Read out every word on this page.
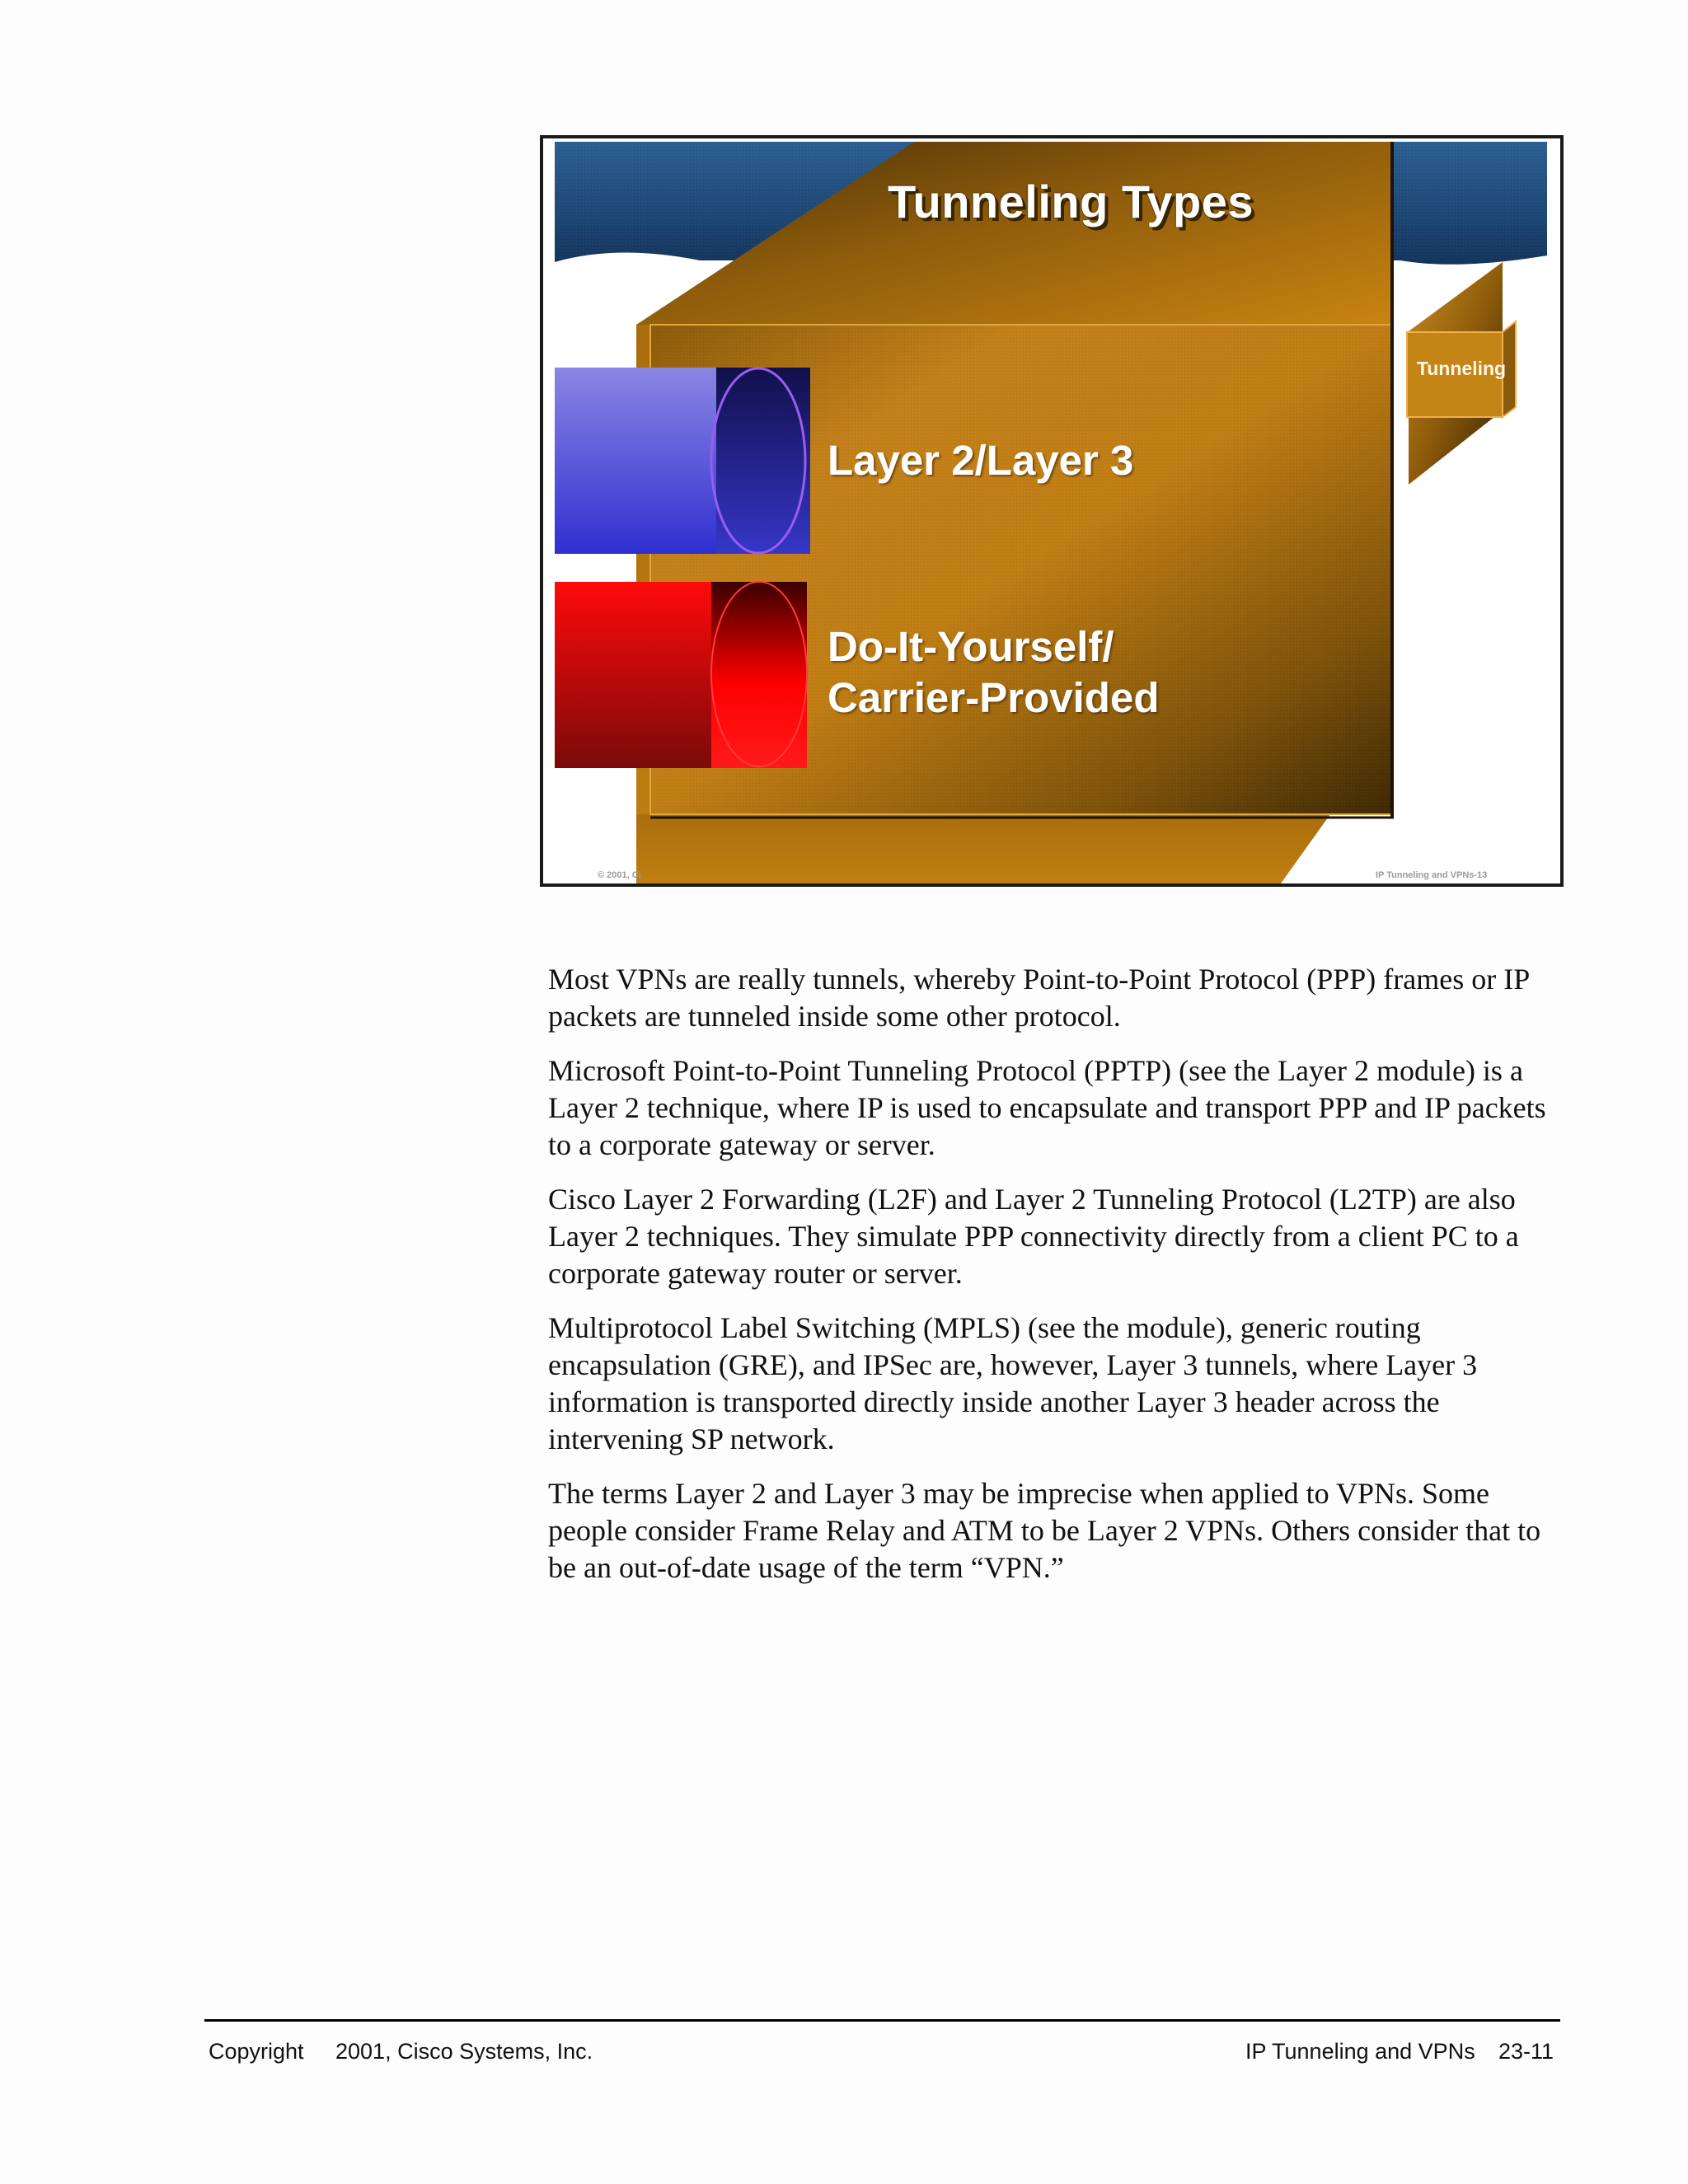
Tunneling Types
Tunneling
Layer 2/Layer 3
Do-It-Yourself/
Carrier-Provided
© 2001, Ci	IP Tunneling and VPNs-13

Most VPNs are really tunnels, whereby Point-to-Point Protocol (PPP) frames or IP packets are tunneled inside some other protocol.

Microsoft Point-to-Point Tunneling Protocol (PPTP) (see the Layer 2 module) is a Layer 2 technique, where IP is used to encapsulate and transport PPP and IP packets to a corporate gateway or server.

Cisco Layer 2 Forwarding (L2F) and Layer 2 Tunneling Protocol (L2TP) are also Layer 2 techniques. They simulate PPP connectivity directly from a client PC to a corporate gateway router or server.

Multiprotocol Label Switching (MPLS) (see the module), generic routing encapsulation (GRE), and IPSec are, however, Layer 3 tunnels, where Layer 3 information is transported directly inside another Layer 3 header across the intervening SP network.

The terms Layer 2 and Layer 3 may be imprecise when applied to VPNs. Some people consider Frame Relay and ATM to be Layer 2 VPNs. Others consider that to be an out-of-date usage of the term “VPN.”

Copyright 2001, Cisco Systems, Inc.	IP Tunneling and VPNs 23-11
